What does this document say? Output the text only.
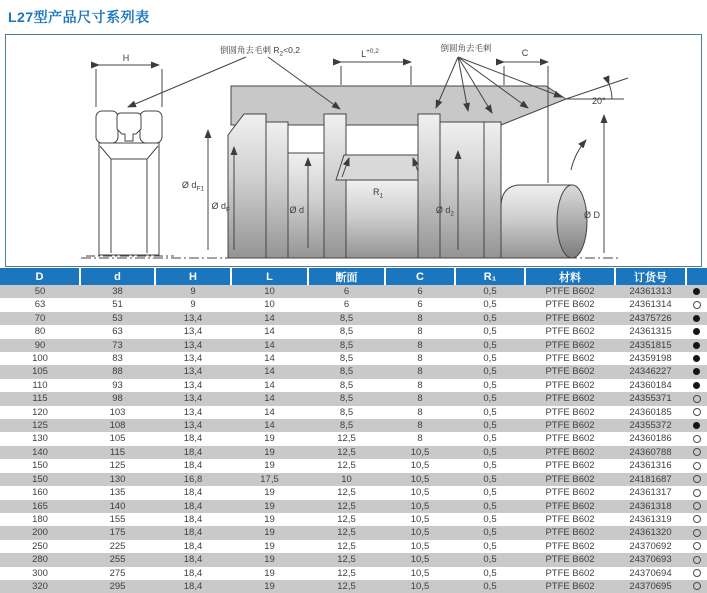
L27型产品尺寸系列表
H
倒圆角去毛刺 $R_2<0,2$	$L^{+0,2}$	倒圆角去毛刺	C
20°
$R_1$
Ø $d_{F1}$
Ø $d_F$	Ø d	Ø $d_2$	Ø D
D	d	H	L	断面	C	R₁	材料	订货号	
50	38	9	10	6	6	0,5	PTFE B602	24361313	
63	51	9	10	6	6	0,5	PTFE B602	24361314	
70	53	13,4	14	8,5	8	0,5	PTFE B602	24375726	
80	63	13,4	14	8,5	8	0,5	PTFE B602	24361315	
90	73	13,4	14	8,5	8	0,5	PTFE B602	24351815	
100	83	13,4	14	8,5	8	0,5	PTFE B602	24359198	
105	88	13,4	14	8,5	8	0,5	PTFE B602	24346227	
110	93	13,4	14	8,5	8	0,5	PTFE B602	24360184	
115	98	13,4	14	8,5	8	0,5	PTFE B602	24355371	
120	103	13,4	14	8,5	8	0,5	PTFE B602	24360185	
125	108	13,4	14	8,5	8	0,5	PTFE B602	24355372	
130	105	18,4	19	12,5	8	0,5	PTFE B602	24360186	
140	115	18,4	19	12,5	10,5	0,5	PTFE B602	24360788	
150	125	18,4	19	12,5	10,5	0,5	PTFE B602	24361316	
150	130	16,8	17,5	10	10,5	0,5	PTFE B602	24181687	
160	135	18,4	19	12,5	10,5	0,5	PTFE B602	24361317	
165	140	18,4	19	12,5	10,5	0,5	PTFE B602	24361318	
180	155	18,4	19	12,5	10,5	0,5	PTFE B602	24361319	
200	175	18,4	19	12,5	10,5	0,5	PTFE B602	24361320	
250	225	18,4	19	12,5	10,5	0,5	PTFE B602	24370692	
280	255	18,4	19	12,5	10,5	0,5	PTFE B602	24370693	
300	275	18,4	19	12,5	10,5	0,5	PTFE B602	24370694	
320	295	18,4	19	12,5	10,5	0,5	PTFE B602	24370695	
